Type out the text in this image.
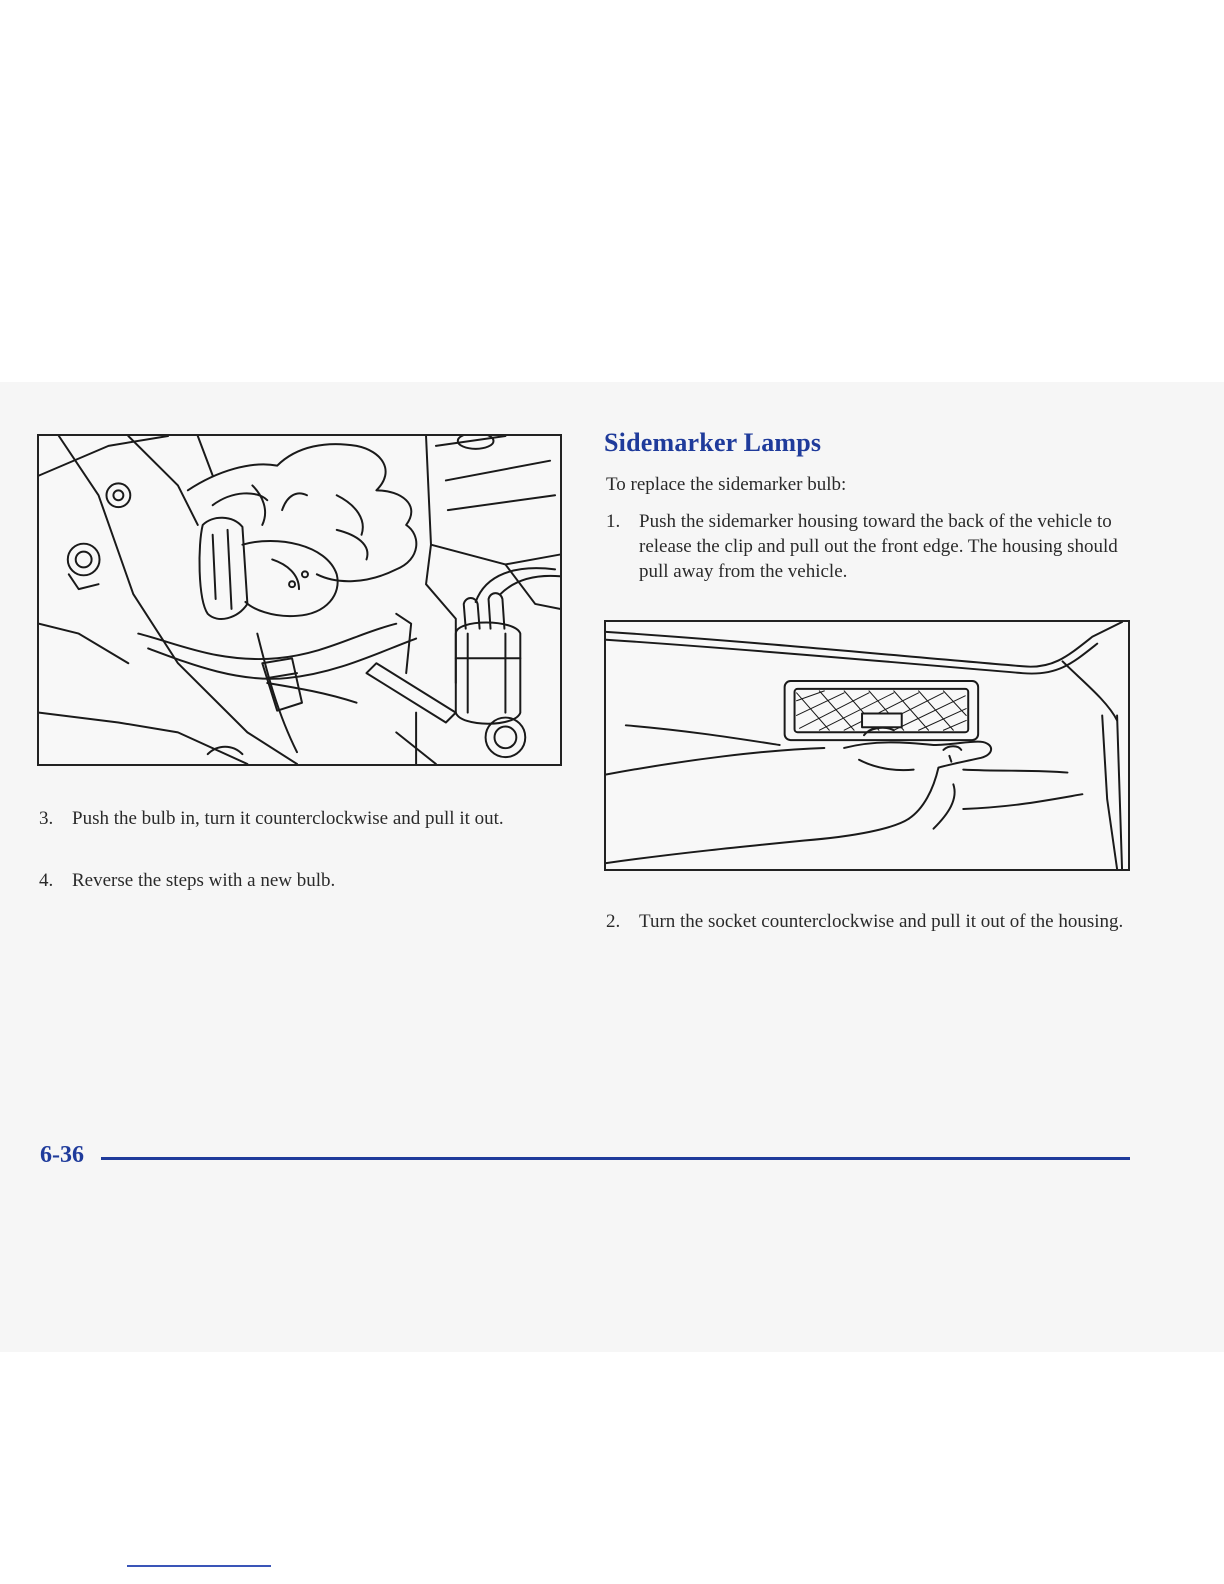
Sidemarker Lamps

To replace the sidemarker bulb:

1. Push the sidemarker housing toward the back of the vehicle to release the clip and pull out the front edge. The housing should pull away from the vehicle.
2. Turn the socket counterclockwise and pull it out of the housing.
3. Push the bulb in, turn it counterclockwise and pull it out.
4. Reverse the steps with a new bulb.
6-36
